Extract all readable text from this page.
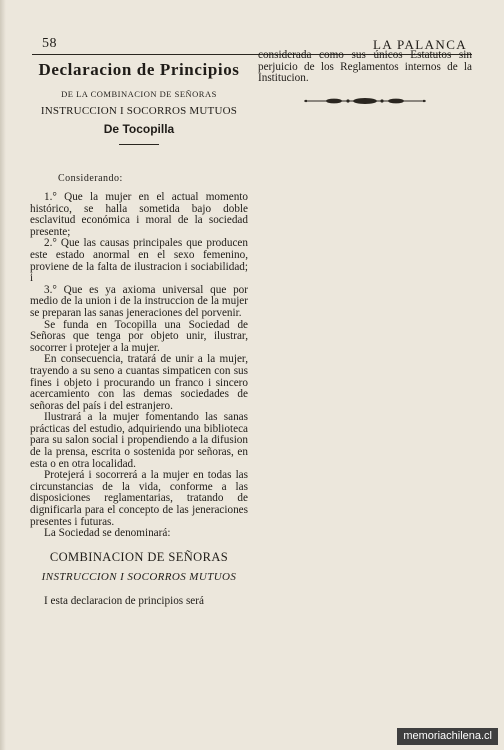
58	LA PALANCA
Declaracion de Principios
DE LA COMBINACION DE SEÑORAS
INSTRUCCION I SOCORROS MUTUOS
De Tocopilla
Considerando:

1.° Que la mujer en el actual momento histórico, se halla sometida bajo doble esclavitud económica i moral de la sociedad presente;

2.° Que las causas principales que producen este estado anormal en el sexo femenino, proviene de la falta de ilustracion i sociabilidad; i

3.° Que es ya axioma universal que por medio de la union i de la instruccion de la mujer se preparan las sanas jeneraciones del porvenir.

Se funda en Tocopilla una Sociedad de Señoras que tenga por objeto unir, ilustrar, socorrer i protejer a la mujer.

En consecuencia, tratará de unir a la mujer, trayendo a su seno a cuantas simpaticen con sus fines i objeto i procurando un franco i sincero acercamiento con las demas sociedades de señoras del país i del estranjero.

Ilustrará a la mujer fomentando las sanas prácticas del estudio, adquiriendo una biblioteca para su salon social i propendiendo a la difusion de la prensa, escrita o sostenida por señoras, en esta o en otra localidad.

Protejerá i socorrerá a la mujer en todas las circunstancias de la vida, conforme a las disposiciones reglamentarias, tratando de dignificarla para el concepto de las jeneraciones presentes i futuras.

La Sociedad se denominará:

COMBINACION DE SEÑORAS
INSTRUCCION I SOCORROS MUTUOS
I esta declaracion de principios será

considerada como sus únicos Estatutos sin perjuicio de los Reglamentos internos de la Institucion.

memoriachilena.cl
